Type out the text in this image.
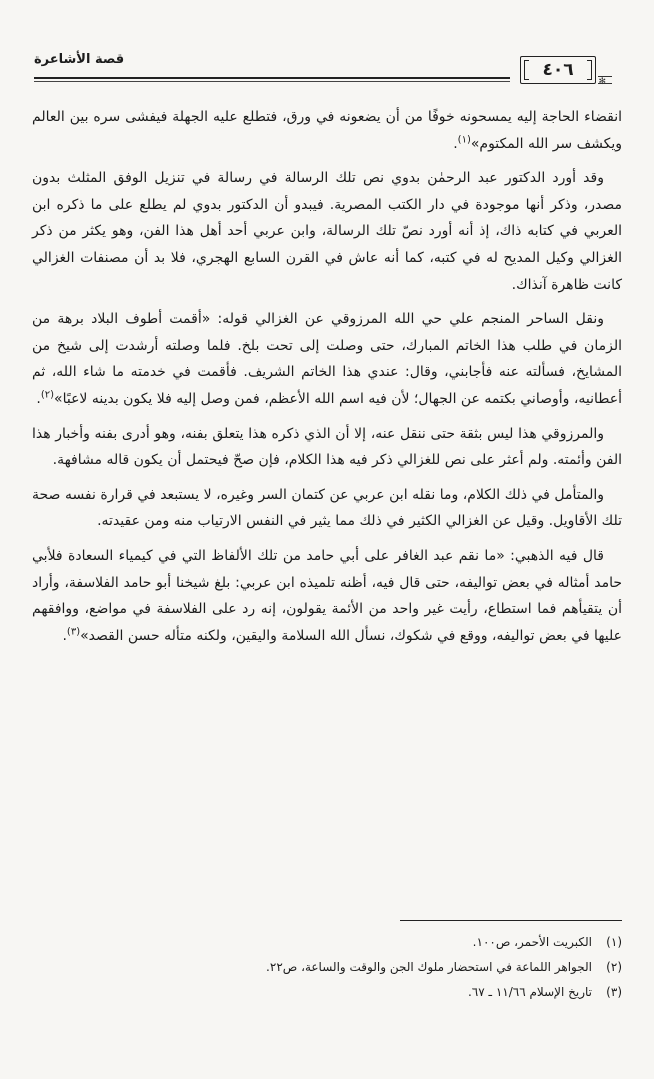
قصة الأشاعرة
٤٠٦
✻

انقضاء الحاجة إليه يمسحونه خوفًا من أن يضعونه في ورق، فتطلع عليه الجهلة فيفشى سره بين العالم ويكشف سر الله المكتوم»$^{(١)}$.

وقد أورد الدكتور عبد الرحمٰن بدوي نص تلك الرسالة في رسالة في تنزيل الوفق المثلث بدون مصدر، وذكر أنها موجودة في دار الكتب المصرية. فيبدو أن الدكتور بدوي لم يطلع على ما ذكره ابن العربي في كتابه ذاك، إذ أنه أورد نصّ تلك الرسالة، وابن عربي أحد أهل هذا الفن، وهو يكثر من ذكر الغزالي وكيل المديح له في كتبه، كما أنه عاش في القرن السابع الهجري، فلا بد أن مصنفات الغزالي كانت ظاهرة آنذاك.

ونقل الساحر المنجم علي حي الله المرزوقي عن الغزالي قوله: «أقمت أطوف البلاد برهة من الزمان في طلب هذا الخاتم المبارك، حتى وصلت إلى تحت بلخ. فلما وصلته أرشدت إلى شيخ من المشايخ، فسألته عنه فأجابني، وقال: عندي هذا الخاتم الشريف. فأقمت في خدمته ما شاء الله، ثم أعطانيه، وأوصاني بكتمه عن الجهال؛ لأن فيه اسم الله الأعظم، فمن وصل إليه فلا يكون بدينه لاعبًا»$^{(٢)}$.

والمرزوقي هذا ليس بثقة حتى ننقل عنه، إلا أن الذي ذكره هذا يتعلق بفنه، وهو أدرى بفنه وأخبار هذا الفن وأئمته. ولم أعثر على نص للغزالي ذكر فيه هذا الكلام، فإن صحّ فيحتمل أن يكون قاله مشافهة.

والمتأمل في ذلك الكلام، وما نقله ابن عربي عن كتمان السر وغيره، لا يستبعد في قرارة نفسه صحة تلك الأقاويل. وقيل عن الغزالي الكثير في ذلك مما يثير في النفس الارتياب منه ومن عقيدته.

قال فيه الذهبي: «ما نقم عبد الغافر على أبي حامد من تلك الألفاظ التي في كيمياء السعادة فلأبي حامد أمثاله في بعض تواليفه، حتى قال فيه، أظنه تلميذه ابن عربي: بلغ شيخنا أبو حامد الفلاسفة، وأراد أن يتقيأهم فما استطاع، رأيت غير واحد من الأئمة يقولون، إنه رد على الفلاسفة في مواضع، ووافقهم عليها في بعض تواليفه، ووقع في شكوك، نسأل الله السلامة واليقين، ولكنه متأله حسن القصد»$^{(٣)}$.

(١)
الكبريت الأحمر، ص١٠٠.
(٢)
الجواهر اللماعة في استحضار ملوك الجن والوقت والساعة، ص٢٢.
(٣)
تاريخ الإسلام ١١/٦٦ ـ ٦٧.
